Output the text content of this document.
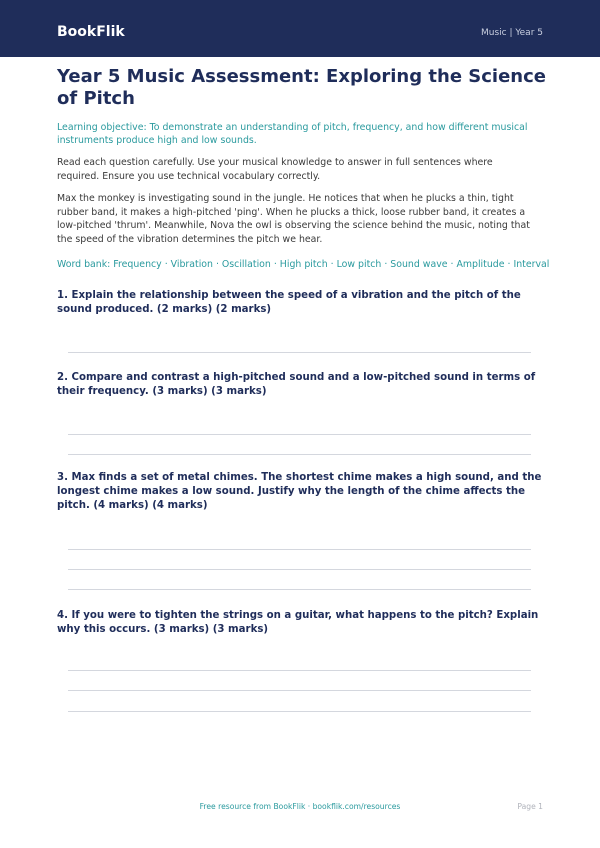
BookFlik	Music | Year 5
Year 5 Music Assessment: Exploring the Science of Pitch
Learning objective: To demonstrate an understanding of pitch, frequency, and how different musical instruments produce high and low sounds.
Read each question carefully. Use your musical knowledge to answer in full sentences where required. Ensure you use technical vocabulary correctly.
Max the monkey is investigating sound in the jungle. He notices that when he plucks a thin, tight rubber band, it makes a high-pitched 'ping'. When he plucks a thick, loose rubber band, it creates a low-pitched 'thrum'. Meanwhile, Nova the owl is observing the science behind the music, noting that the speed of the vibration determines the pitch we hear.
Word bank: Frequency · Vibration · Oscillation · High pitch · Low pitch · Sound wave · Amplitude · Interval
1. Explain the relationship between the speed of a vibration and the pitch of the sound produced. (2 marks) (2 marks)
2. Compare and contrast a high-pitched sound and a low-pitched sound in terms of their frequency. (3 marks) (3 marks)
3. Max finds a set of metal chimes. The shortest chime makes a high sound, and the longest chime makes a low sound. Justify why the length of the chime affects the pitch. (4 marks) (4 marks)
4. If you were to tighten the strings on a guitar, what happens to the pitch? Explain why this occurs. (3 marks) (3 marks)
Free resource from BookFlik · bookflik.com/resources	Page 1
